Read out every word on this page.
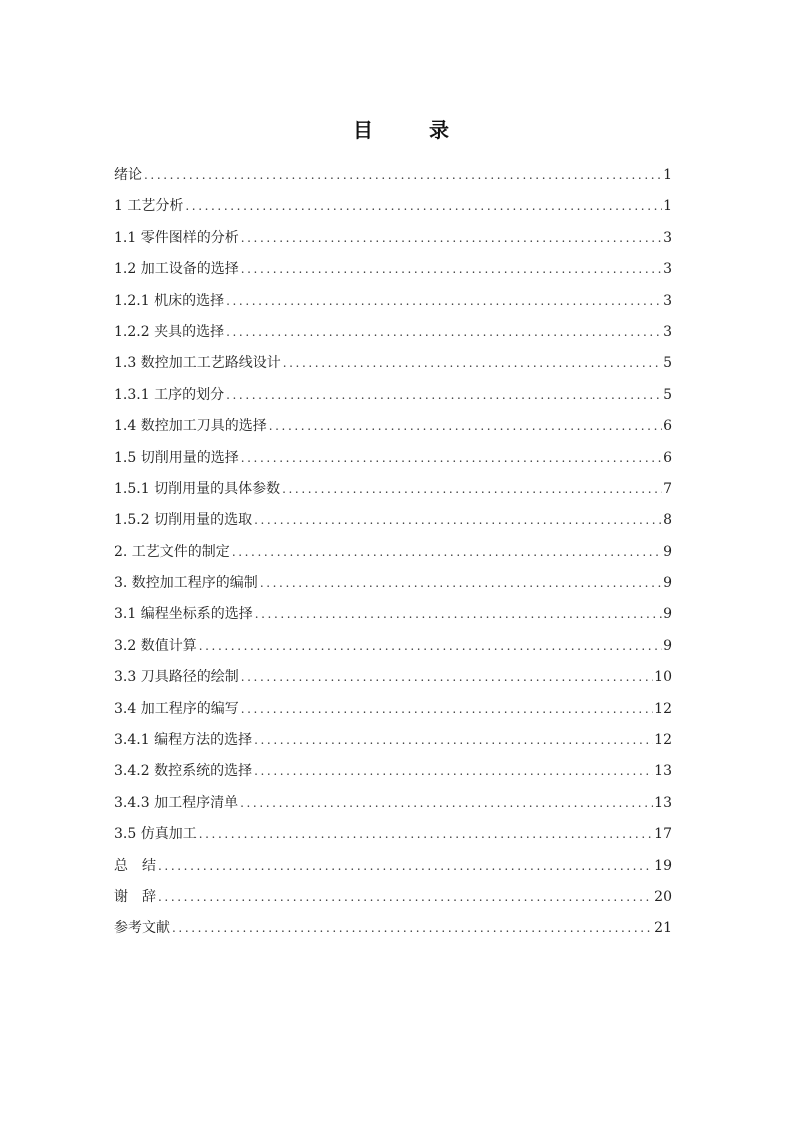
目　录
绪论 .....	1
1 工艺分析 .....	1
1.1 零件图样的分析 .....	3
1.2 加工设备的选择 .....	3
1.2.1 机床的选择 .....	3
1.2.2 夹具的选择 .....	3
1.3 数控加工工艺路线设计 .....	5
1.3.1 工序的划分 .....	5
1.4 数控加工刀具的选择 .....	6
1.5 切削用量的选择 .....	6
1.5.1 切削用量的具体参数 .....	7
1.5.2 切削用量的选取 .....	8
2. 工艺文件的制定 .....	9
3. 数控加工程序的编制 .....	9
3.1 编程坐标系的选择 .....	9
3.2 数值计算 .....	9
3.3 刀具路径的绘制 .....	10
3.4 加工程序的编写 .....	12
3.4.1 编程方法的选择 .....	12
3.4.2 数控系统的选择 .....	13
3.4.3 加工程序清单 .....	13
3.5 仿真加工 .....	17
总　结 .....	19
谢　辞 .....	20
参考文献 .....	21
